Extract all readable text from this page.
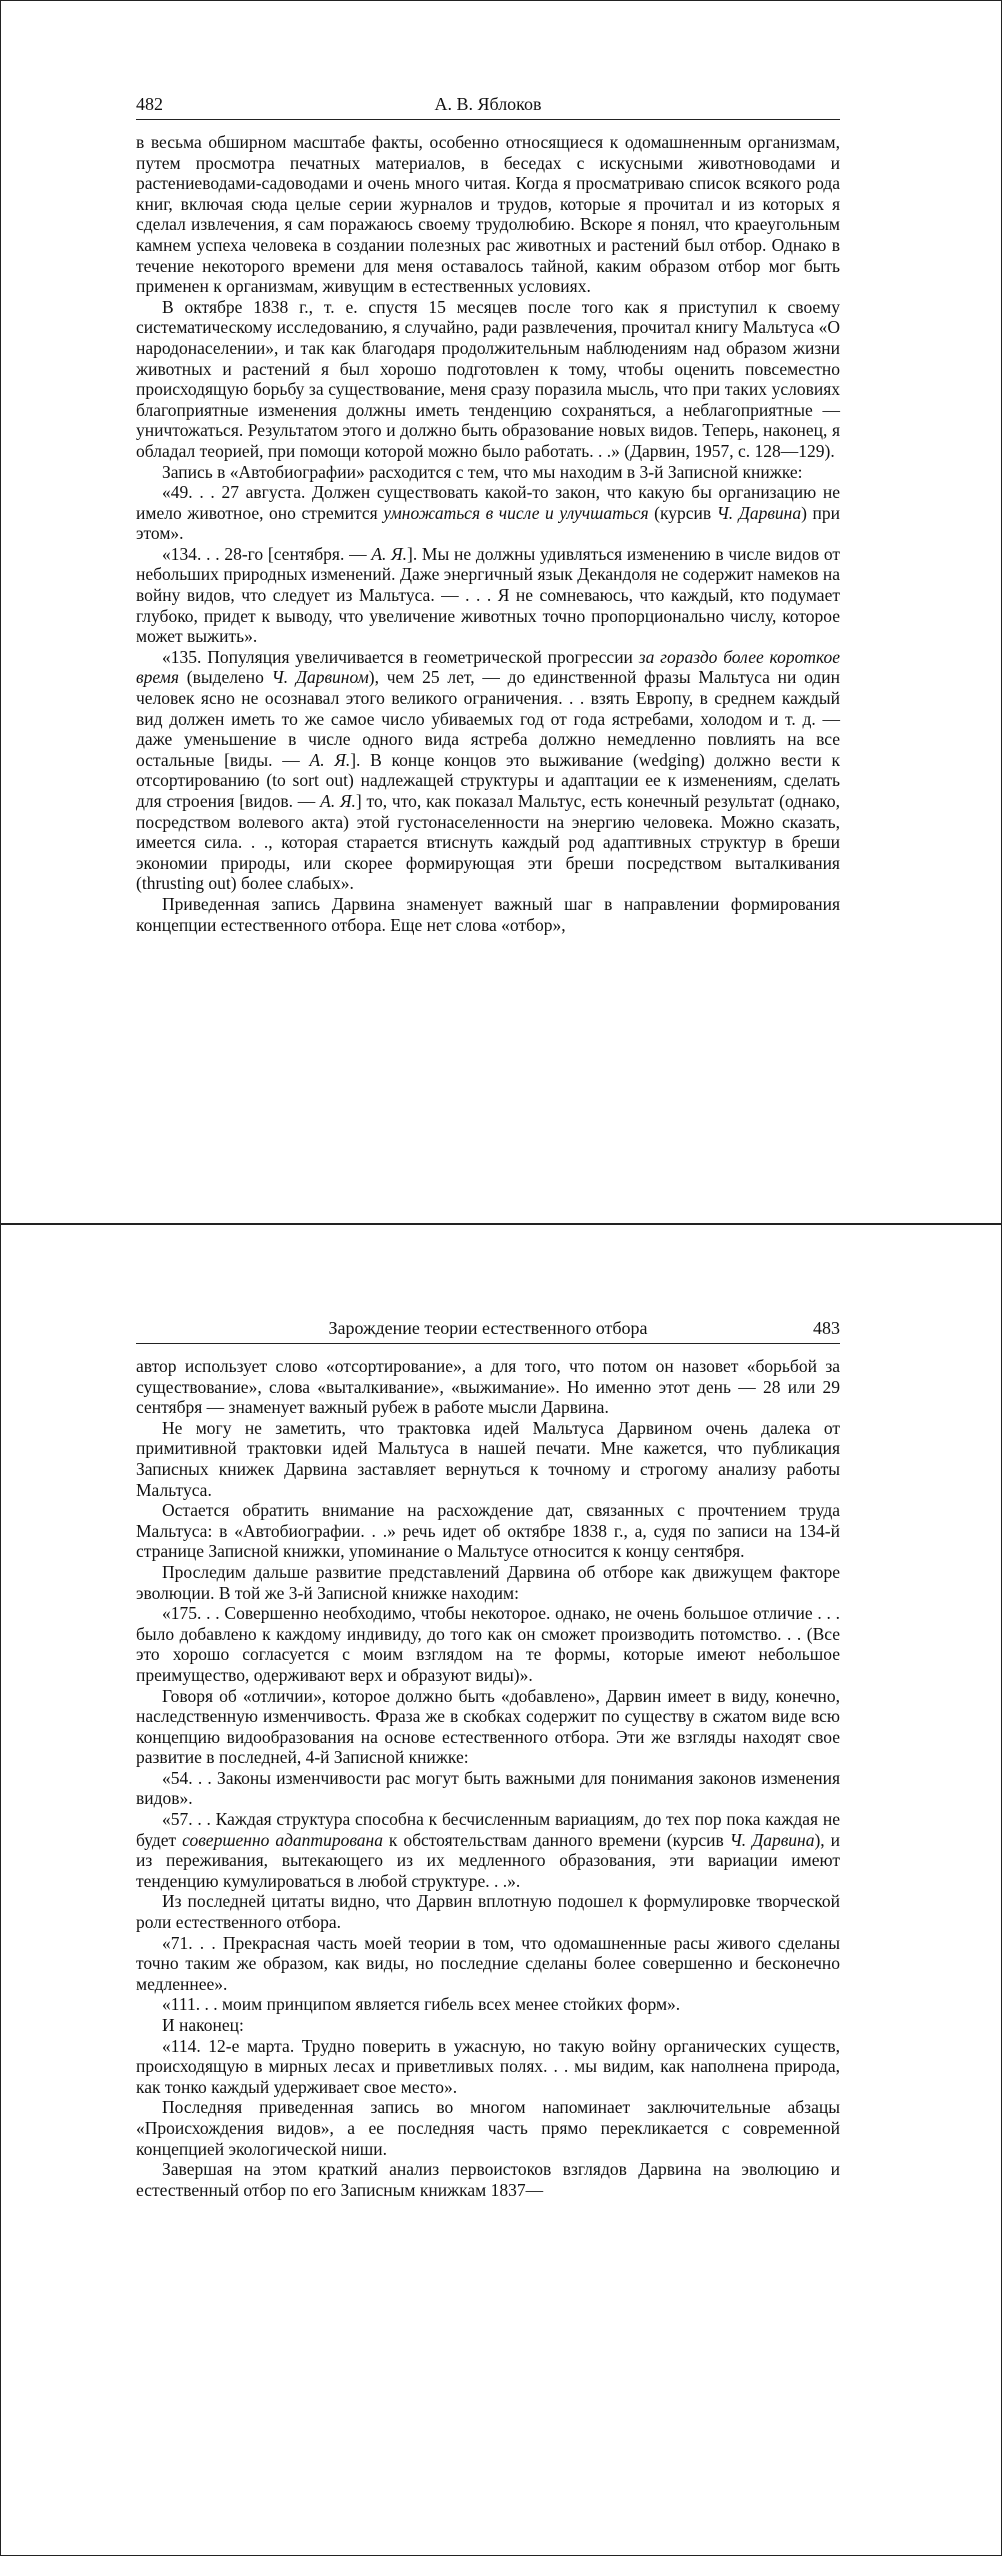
482	А. В. Яблоков

в весьма обширном масштабе факты, особенно относящиеся к одомашненным организмам, путем просмотра печатных материалов, в беседах с искусными животноводами и растениеводами-садоводами и очень много читая. Когда я просматриваю список всякого рода книг, включая сюда целые серии журналов и трудов, которые я прочитал и из которых я сделал извлечения, я сам поражаюсь своему трудолюбию. Вскоре я понял, что краеугольным камнем успеха человека в создании полезных рас животных и растений был отбор. Однако в течение некоторого времени для меня оставалось тайной, каким образом отбор мог быть применен к организмам, живущим в естественных условиях.

В октябре 1838 г., т. е. спустя 15 месяцев после того как я приступил к своему систематическому исследованию, я случайно, ради развлечения, прочитал книгу Мальтуса «О народонаселении», и так как благодаря продолжительным наблюдениям над образом жизни животных и растений я был хорошо подготовлен к тому, чтобы оценить повсеместно происходящую борьбу за существование, меня сразу поразила мысль, что при таких условиях благоприятные изменения должны иметь тенденцию сохраняться, а неблагоприятные — уничтожаться. Результатом этого и должно быть образование новых видов. Теперь, наконец, я обладал теорией, при помощи которой можно было работать. . .» (Дарвин, 1957, с. 128—129).

Запись в «Автобиографии» расходится с тем, что мы находим в 3-й Записной книжке:

«49. . . 27 августа. Должен существовать какой-то закон, что какую бы организацию не имело животное, оно стремится умножаться в числе и улучшаться (курсив Ч. Дарвина) при этом».

«134. . . 28-го [сентября. — А. Я.]. Мы не должны удивляться изменению в числе видов от небольших природных изменений. Даже энергичный язык Декандоля не содержит намеков на войну видов, что следует из Мальтуса. — . . . Я не сомневаюсь, что каждый, кто подумает глубоко, придет к выводу, что увеличение животных точно пропорционально числу, которое может выжить».

«135. Популяция увеличивается в геометрической прогрессии за гораздо более короткое время (выделено Ч. Дарвином), чем 25 лет, — до единственной фразы Мальтуса ни один человек ясно не осознавал этого великого ограничения. . . взять Европу, в среднем каждый вид должен иметь то же самое число убиваемых год от года ястребами, холодом и т. д. — даже уменьшение в числе одного вида ястреба должно немедленно повлиять на все остальные [виды. — А. Я.]. В конце концов это выживание (wedging) должно вести к отсортированию (to sort out) надлежащей структуры и адаптации ее к изменениям, сделать для строения [видов. — А. Я.] то, что, как показал Мальтус, есть конечный результат (однако, посредством волевого акта) этой густонаселенности на энергию человека. Можно сказать, имеется сила. . ., которая старается втиснуть каждый род адаптивных структур в бреши экономии природы, или скорее формирующая эти бреши посредством выталкивания (thrusting out) более слабых».

Приведенная запись Дарвина знаменует важный шаг в направлении формирования концепции естественного отбора. Еще нет слова «отбор»,

Зарождение теории естественного отбора	483

автор использует слово «отсортирование», а для того, что потом он назовет «борьбой за существование», слова «выталкивание», «выжимание». Но именно этот день — 28 или 29 сентября — знаменует важный рубеж в работе мысли Дарвина.

Не могу не заметить, что трактовка идей Мальтуса Дарвином очень далека от примитивной трактовки идей Мальтуса в нашей печати. Мне кажется, что публикация Записных книжек Дарвина заставляет вернуться к точному и строгому анализу работы Мальтуса.

Остается обратить внимание на расхождение дат, связанных с прочтением труда Мальтуса: в «Автобиографии. . .» речь идет об октябре 1838 г., а, судя по записи на 134-й странице Записной книжки, упоминание о Мальтусе относится к концу сентября.

Проследим дальше развитие представлений Дарвина об отборе как движущем факторе эволюции. В той же 3-й Записной книжке находим:

«175. . . Совершенно необходимо, чтобы некоторое. однако, не очень большое отличие . . . было добавлено к каждому индивиду, до того как он сможет производить потомство. . . (Все это хорошо согласуется с моим взглядом на те формы, которые имеют небольшое преимущество, одерживают верх и образуют виды)».

Говоря об «отличии», которое должно быть «добавлено», Дарвин имеет в виду, конечно, наследственную изменчивость. Фраза же в скобках содержит по существу в сжатом виде всю концепцию видообразования на основе естественного отбора. Эти же взгляды находят свое развитие в последней, 4-й Записной книжке:

«54. . . Законы изменчивости рас могут быть важными для понимания законов изменения видов».

«57. . . Каждая структура способна к бесчисленным вариациям, до тех пор пока каждая не будет совершенно адаптирована к обстоятельствам данного времени (курсив Ч. Дарвина), и из переживания, вытекающего из их медленного образования, эти вариации имеют тенденцию кумулироваться в любой структуре. . .».

Из последней цитаты видно, что Дарвин вплотную подошел к формулировке творческой роли естественного отбора.

«71. . . Прекрасная часть моей теории в том, что одомашненные расы живого сделаны точно таким же образом, как виды, но последние сделаны более совершенно и бесконечно медленнее».

«111. . . моим принципом является гибель всех менее стойких форм».

И наконец:

«114. 12-е марта. Трудно поверить в ужасную, но такую войну органических существ, происходящую в мирных лесах и приветливых полях. . . мы видим, как наполнена природа, как тонко каждый удерживает свое место».

Последняя приведенная запись во многом напоминает заключительные абзацы «Происхождения видов», а ее последняя часть прямо перекликается с современной концепцией экологической ниши.

Завершая на этом краткий анализ первоистоков взглядов Дарвина на эволюцию и естественный отбор по его Записным книжкам 1837—
